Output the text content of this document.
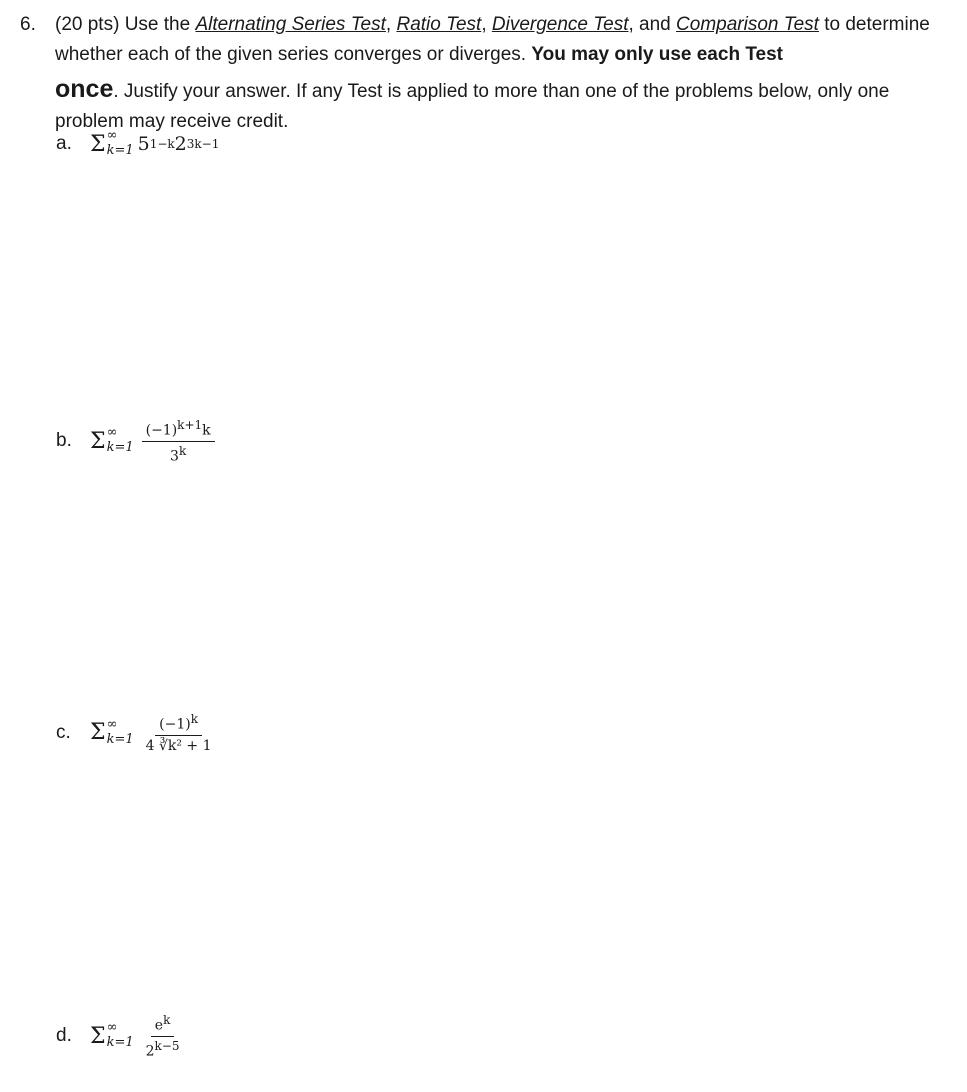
6. (20 pts) Use the Alternating Series Test, Ratio Test, Divergence Test, and Comparison Test to determine whether each of the given series converges or diverges. You may only use each Test
once. Justify your answer. If any Test is applied to more than one of the problems below, only one problem may receive credit.
a. Σ ∞
k=1 5 1−k 2 3k−1
b. Σ ∞
$k=1 \frac{(-1)^{k+1}k}{3^k}$
c. Σ ∞
$k=1 \frac{(-1)^k}{\text{4 ∛k² + 1}}$
d. Σ ∞
$k=1 \frac{e^k}{2^{k-5}}$
